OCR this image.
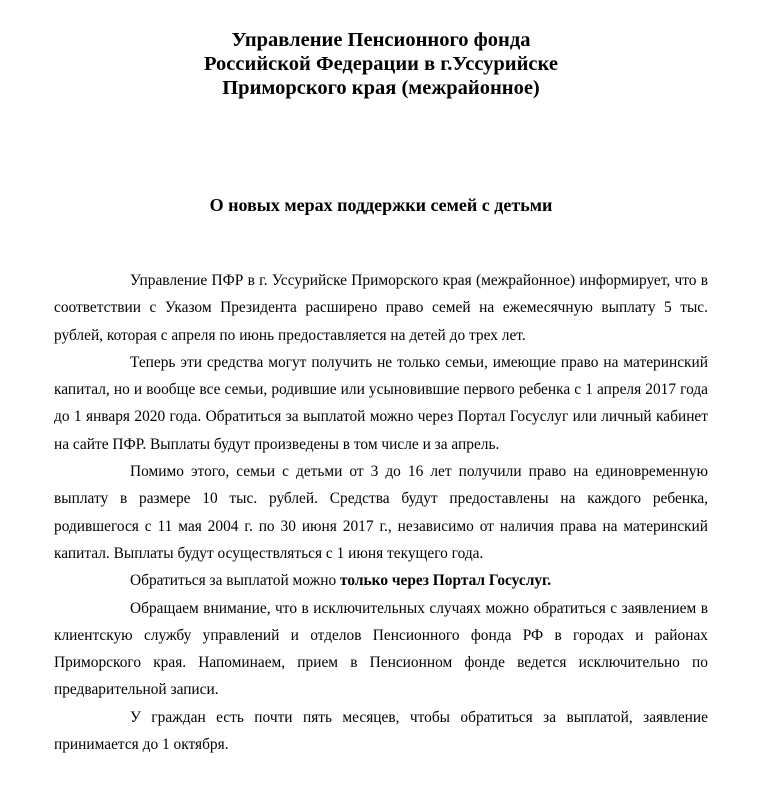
Управление Пенсионного фонда
Российской Федерации в г.Уссурийске
Приморского края (межрайонное)
О новых мерах поддержки семей с детьми

Управление ПФР в г. Уссурийске Приморского края (межрайонное) информирует, что в соответствии с Указом Президента расширено право семей на ежемесячную выплату 5 тыс. рублей, которая с апреля по июнь предоставляется на детей до трех лет.

Теперь эти средства могут получить не только семьи, имеющие право на материнский капитал, но и вообще все семьи, родившие или усыновившие первого ребенка с 1 апреля 2017 года до 1 января 2020 года. Обратиться за выплатой можно через Портал Госуслуг или личный кабинет на сайте ПФР. Выплаты будут произведены в том числе и за апрель.

Помимо этого, семьи с детьми от 3 до 16 лет получили право на единовременную выплату в размере 10 тыс. рублей. Средства будут предоставлены на каждого ребенка, родившегося с 11 мая 2004 г. по 30 июня 2017 г., независимо от наличия права на материнский капитал. Выплаты будут осуществляться с 1 июня текущего года.

Обратиться за выплатой можно только через Портал Госуслуг.

Обращаем внимание, что в исключительных случаях можно обратиться с заявлением в клиентскую службу управлений и отделов Пенсионного фонда РФ в городах и районах Приморского края. Напоминаем, прием в Пенсионном фонде ведется исключительно по предварительной записи.

У граждан есть почти пять месяцев, чтобы обратиться за выплатой, заявление принимается до 1 октября.
